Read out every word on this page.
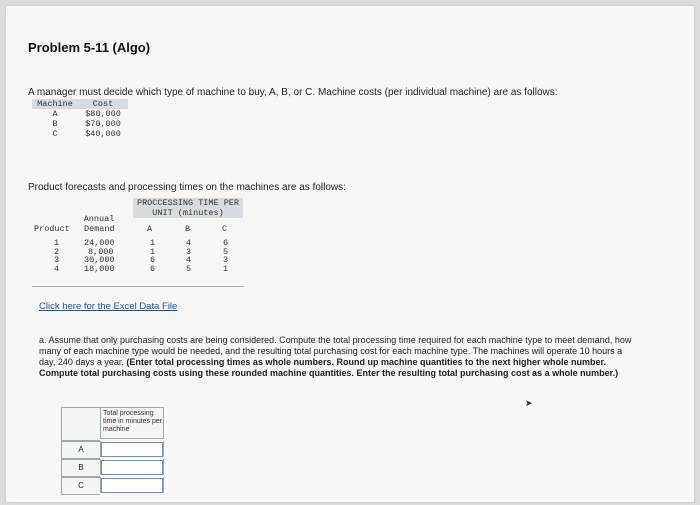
Problem 5-11 (Algo)
A manager must decide which type of machine to buy, A, B, or C. Machine costs (per individual machine) are as follows:
Machine	Cost
A	$80,000
B	$70,000
C	$40,000
Product forecasts and processing times on the machines are as follows:
PROCCESSING TIME PER
UNIT (minutes)
Annual
Product Demand	A	B	C
1	24,000	1	4	6
2	8,000	1	3	5
3	30,000	6	4	3
4	18,000	6	5	1
Click here for the Excel Data File
a. Assume that only purchasing costs are being considered. Compute the total processing time required for each machine type to meet demand, how many of each machine type would be needed, and the resulting total purchasing cost for each machine type. The machines will operate 10 hours a day, 240 days a year. (Enter total processing times as whole numbers. Round up machine quantities to the next higher whole number. Compute total purchasing costs using these rounded machine quantities. Enter the resulting total purchasing cost as a whole number.)
Total processing time in minutes per machine
A
B
C
➤
